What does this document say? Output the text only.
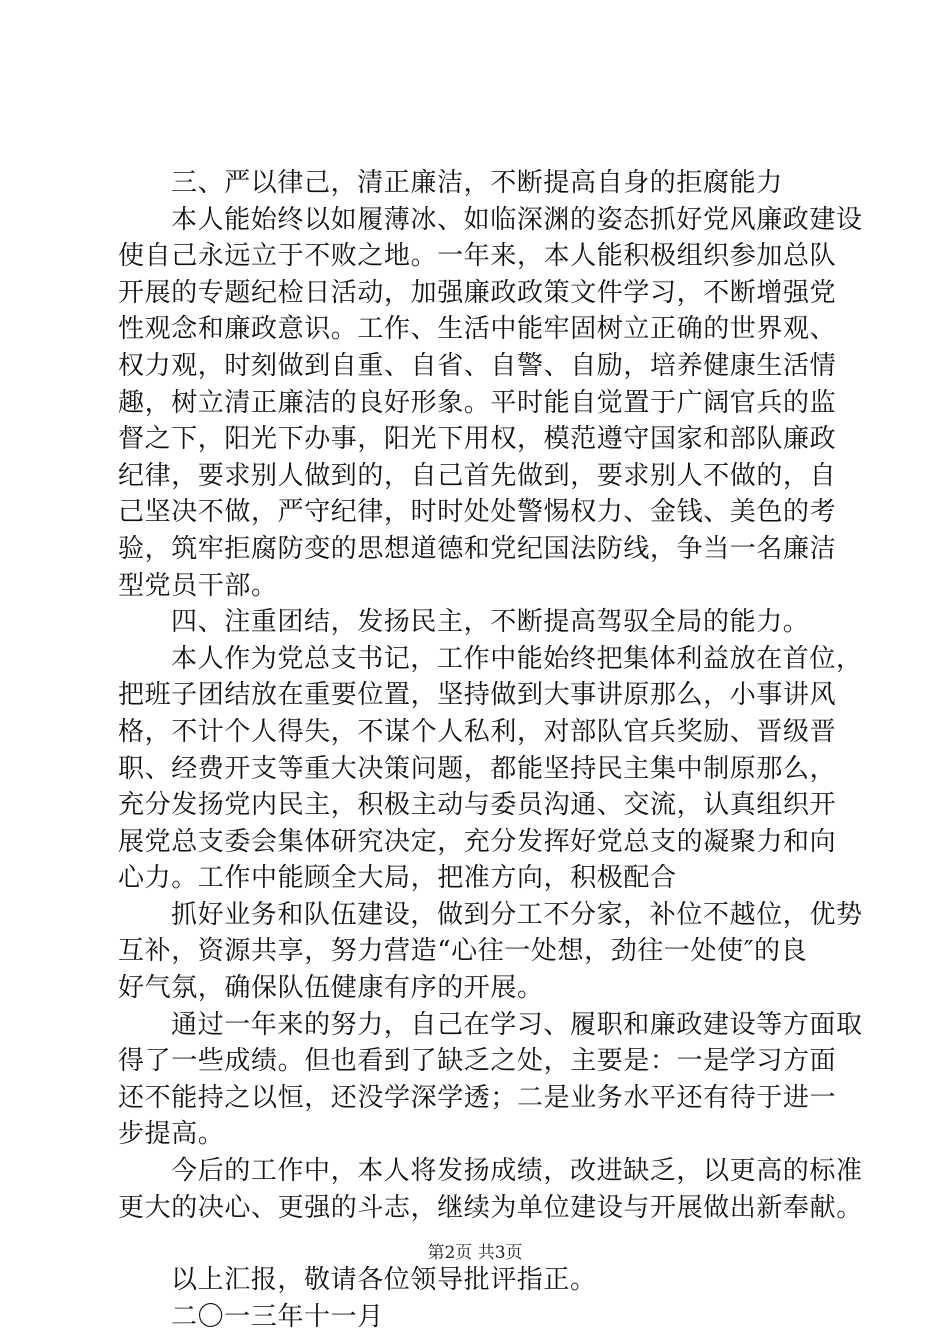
三、严以律己，清正廉洁，不断提高自身的拒腐能力
本人能始终以如履薄冰、如临深渊的姿态抓好党风廉政建设
使自己永远立于不败之地。一年来，本人能积极组织参加总队
开展的专题纪检日活动，加强廉政政策文件学习，不断增强党
性观念和廉政意识。工作、生活中能牢固树立正确的世界观、
权力观，时刻做到自重、自省、自警、自励，培养健康生活情
趣，树立清正廉洁的良好形象。平时能自觉置于广阔官兵的监
督之下，阳光下办事，阳光下用权，模范遵守国家和部队廉政
纪律，要求别人做到的，自己首先做到，要求别人不做的，自
己坚决不做，严守纪律，时时处处警惕权力、金钱、美色的考
验，筑牢拒腐防变的思想道德和党纪国法防线，争当一名廉洁
型党员干部。
四、注重团结，发扬民主，不断提高驾驭全局的能力。
本人作为党总支书记，工作中能始终把集体利益放在首位，
把班子团结放在重要位置，坚持做到大事讲原那么，小事讲风
格，不计个人得失，不谋个人私利，对部队官兵奖励、晋级晋
职、经费开支等重大决策问题，都能坚持民主集中制原那么，
充分发扬党内民主，积极主动与委员沟通、交流，认真组织开
展党总支委会集体研究决定，充分发挥好党总支的凝聚力和向
心力。工作中能顾全大局，把准方向，积极配合
抓好业务和队伍建设，做到分工不分家，补位不越位，优势
互补，资源共享，努力营造“心往一处想，劲往一处使″的良
好气氛，确保队伍健康有序的开展。
通过一年来的努力，自己在学习、履职和廉政建设等方面取
得了一些成绩。但也看到了缺乏之处，主要是：一是学习方面
还不能持之以恒，还没学深学透；二是业务水平还有待于进一
步提高。
今后的工作中，本人将发扬成绩，改进缺乏，以更高的标准
更大的决心、更强的斗志，继续为单位建设与开展做出新奉献。
以上汇报，敬请各位领导批评指正。
二〇一三年十一月
第2页 共3页
